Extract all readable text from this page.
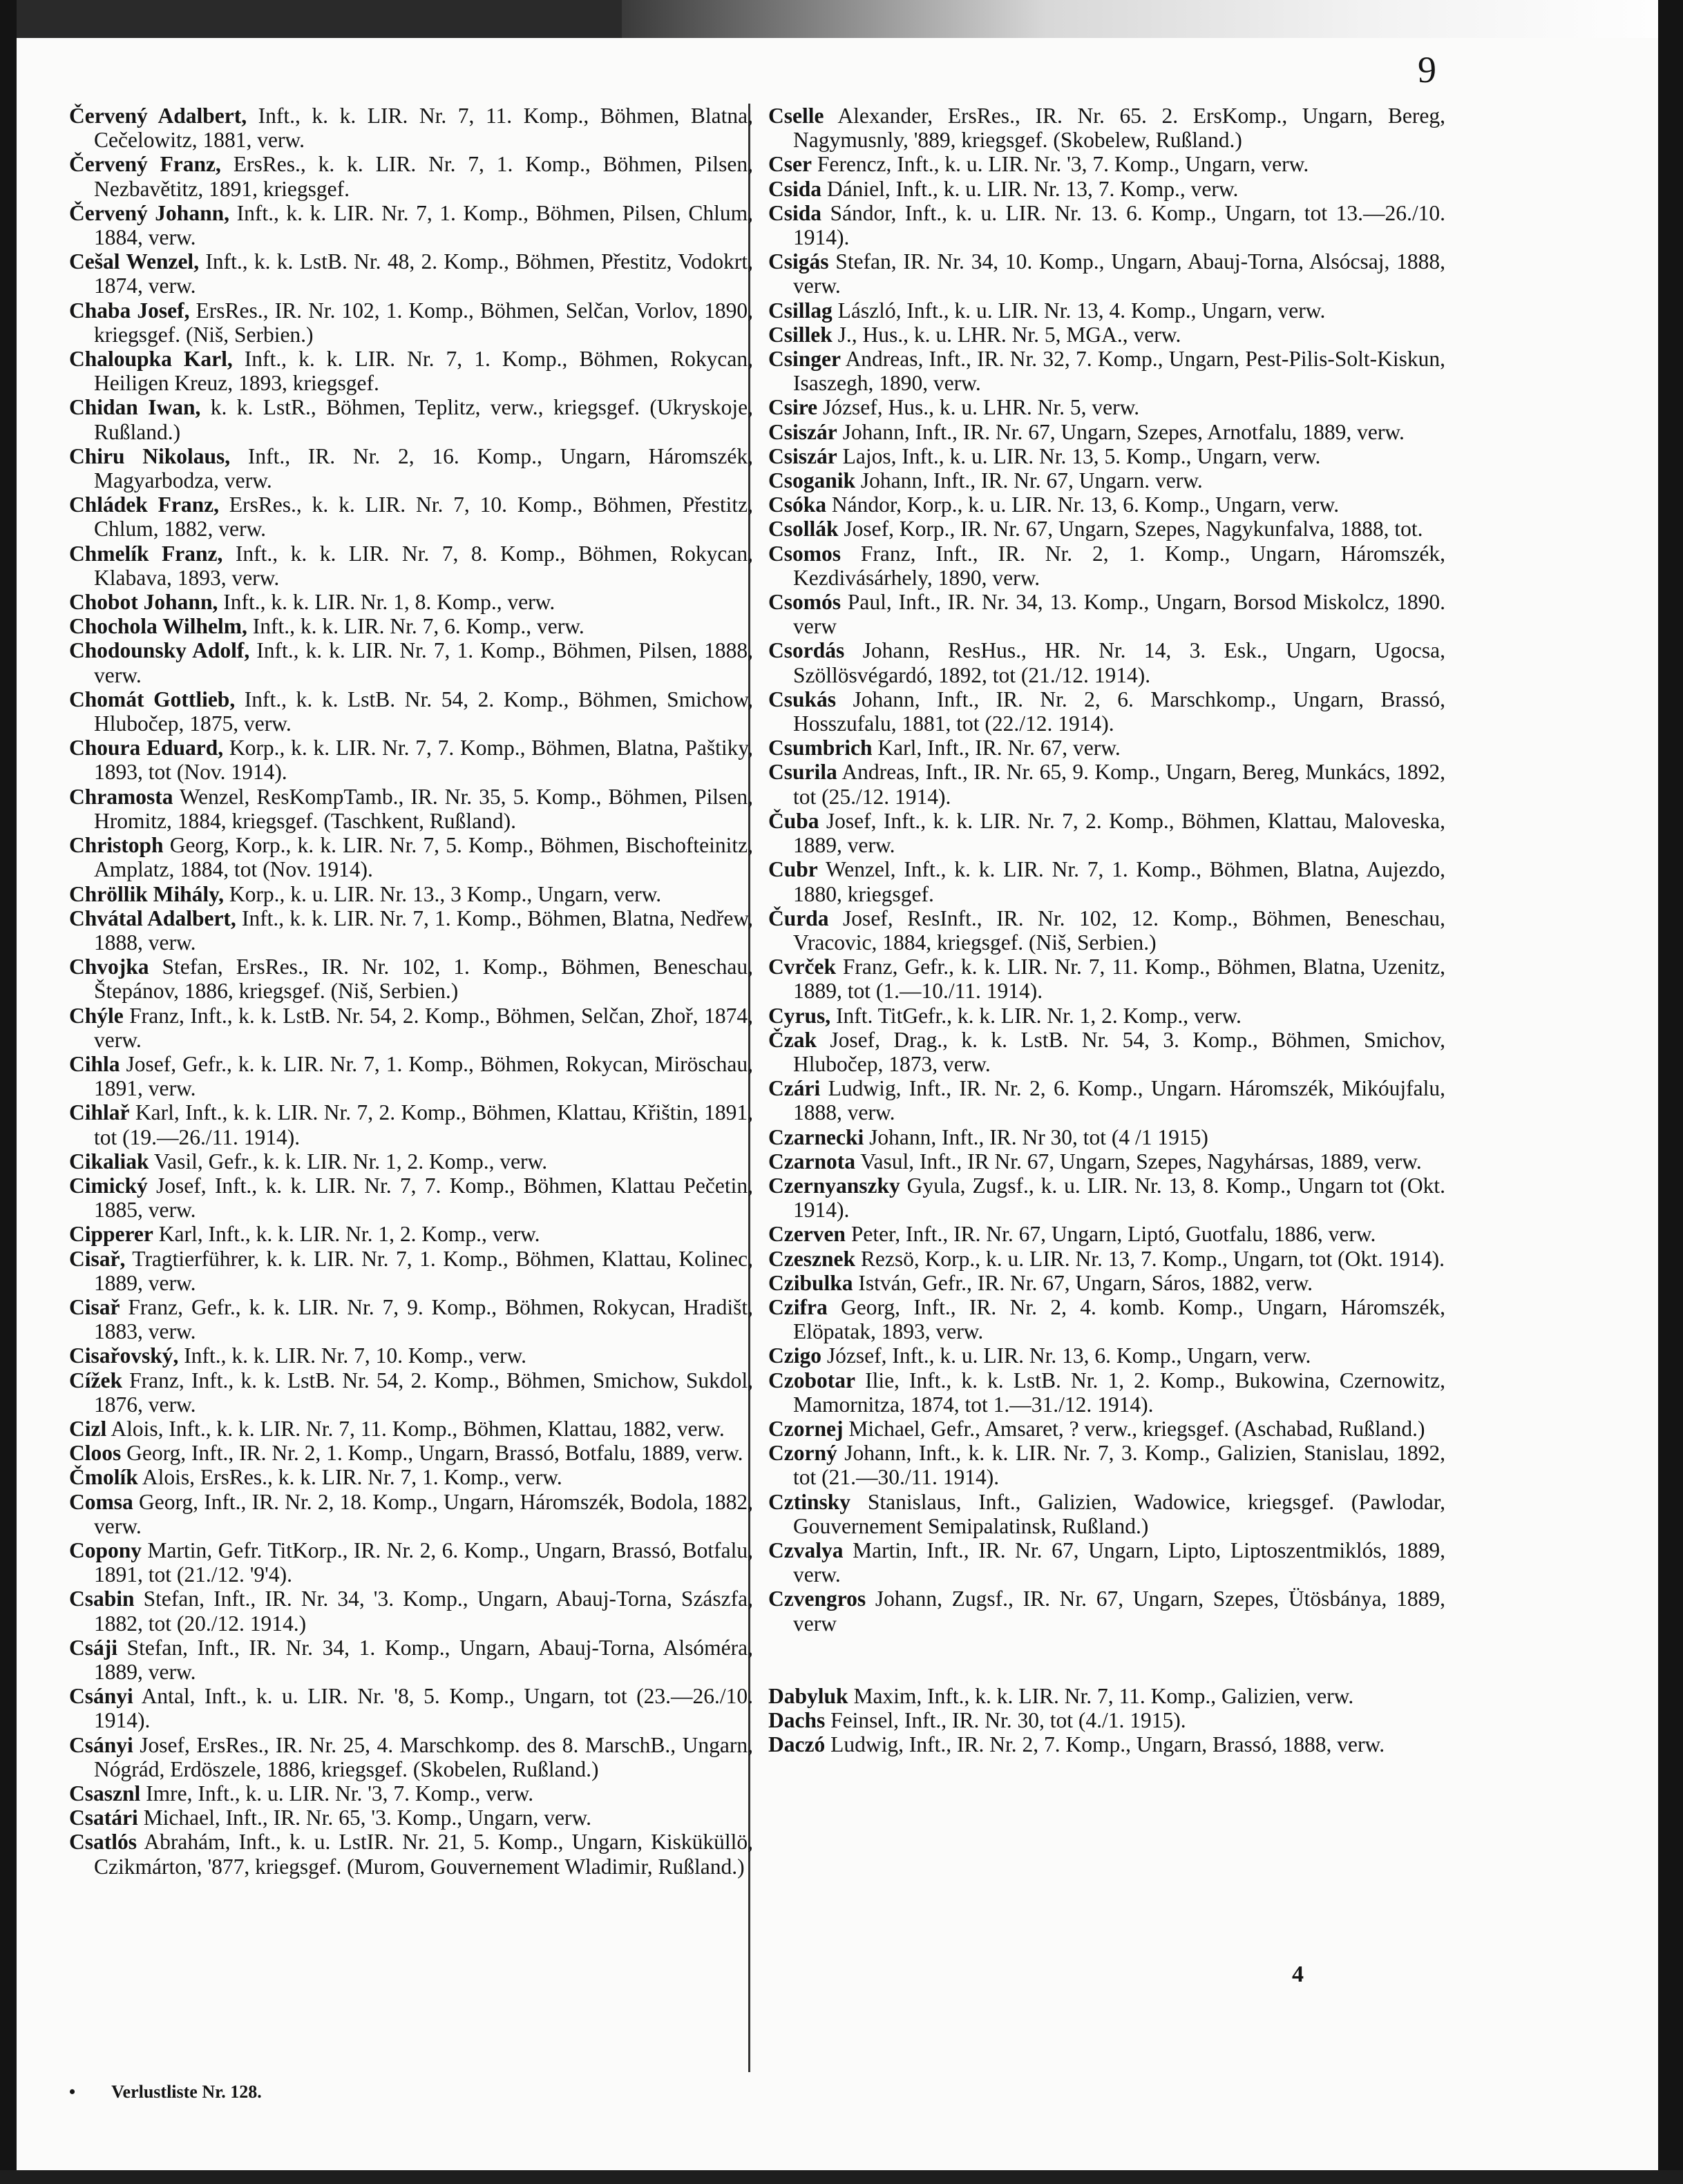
9

Červený Adalbert, Inft., k. k. LIR. Nr. 7, 11. Komp., Böhmen, Blatna, Cečelowitz, 1881, verw.

Červený Franz, ErsRes., k. k. LIR. Nr. 7, 1. Komp., Böhmen, Pilsen, Nezbavětitz, 1891, kriegsgef.

Červený Johann, Inft., k. k. LIR. Nr. 7, 1. Komp., Böhmen, Pilsen, Chlum, 1884, verw.

Cešal Wenzel, Inft., k. k. LstB. Nr. 48, 2. Komp., Böhmen, Přestitz, Vodokrt, 1874, verw.

Chaba Josef, ErsRes., IR. Nr. 102, 1. Komp., Böhmen, Selčan, Vorlov, 1890, kriegsgef. (Niš, Serbien.)

Chaloupka Karl, Inft., k. k. LIR. Nr. 7, 1. Komp., Böhmen, Rokycan, Heiligen Kreuz, 1893, kriegsgef.

Chidan Iwan, k. k. LstR., Böhmen, Teplitz, verw., kriegsgef. (Ukryskoje, Rußland.)

Chiru Nikolaus, Inft., IR. Nr. 2, 16. Komp., Ungarn, Háromszék, Magyarbodza, verw.

Chládek Franz, ErsRes., k. k. LIR. Nr. 7, 10. Komp., Böhmen, Přestitz, Chlum, 1882, verw.

Chmelík Franz, Inft., k. k. LIR. Nr. 7, 8. Komp., Böhmen, Rokycan, Klabava, 1893, verw.

Chobot Johann, Inft., k. k. LIR. Nr. 1, 8. Komp., verw.

Chochola Wilhelm, Inft., k. k. LIR. Nr. 7, 6. Komp., verw.

Chodounsky Adolf, Inft., k. k. LIR. Nr. 7, 1. Komp., Böhmen, Pilsen, 1888, verw.

Chomát Gottlieb, Inft., k. k. LstB. Nr. 54, 2. Komp., Böhmen, Smichow, Hlubočep, 1875, verw.

Choura Eduard, Korp., k. k. LIR. Nr. 7, 7. Komp., Böhmen, Blatna, Paštiky, 1893, tot (Nov. 1914).

Chramosta Wenzel, ResKompTamb., IR. Nr. 35, 5. Komp., Böhmen, Pilsen, Hromitz, 1884, kriegsgef. (Taschkent, Rußland).

Christoph Georg, Korp., k. k. LIR. Nr. 7, 5. Komp., Böhmen, Bischofteinitz, Amplatz, 1884, tot (Nov. 1914).

Chröllik Mihály, Korp., k. u. LIR. Nr. 13., 3 Komp., Ungarn, verw.

Chvátal Adalbert, Inft., k. k. LIR. Nr. 7, 1. Komp., Böhmen, Blatna, Nedřew, 1888, verw.

Chvojka Stefan, ErsRes., IR. Nr. 102, 1. Komp., Böhmen, Beneschau, Štepánov, 1886, kriegsgef. (Niš, Serbien.)

Chýle Franz, Inft., k. k. LstB. Nr. 54, 2. Komp., Böhmen, Selčan, Zhoř, 1874, verw.

Cihla Josef, Gefr., k. k. LIR. Nr. 7, 1. Komp., Böhmen, Rokycan, Miröschau, 1891, verw.

Cihlař Karl, Inft., k. k. LIR. Nr. 7, 2. Komp., Böhmen, Klattau, Křištin, 1891, tot (19.—26./11. 1914).

Cikaliak Vasil, Gefr., k. k. LIR. Nr. 1, 2. Komp., verw.

Cimický Josef, Inft., k. k. LIR. Nr. 7, 7. Komp., Böhmen, Klattau Pečetin, 1885, verw.

Cipperer Karl, Inft., k. k. LIR. Nr. 1, 2. Komp., verw.

Cisař, Tragtierführer, k. k. LIR. Nr. 7, 1. Komp., Böhmen, Klattau, Kolinec, 1889, verw.

Cisař Franz, Gefr., k. k. LIR. Nr. 7, 9. Komp., Böhmen, Rokycan, Hradišt, 1883, verw.

Cisařovský, Inft., k. k. LIR. Nr. 7, 10. Komp., verw.

Cížek Franz, Inft., k. k. LstB. Nr. 54, 2. Komp., Böhmen, Smichow, Sukdol, 1876, verw.

Cizl Alois, Inft., k. k. LIR. Nr. 7, 11. Komp., Böhmen, Klattau, 1882, verw.

Cloos Georg, Inft., IR. Nr. 2, 1. Komp., Ungarn, Brassó, Botfalu, 1889, verw.

Čmolík Alois, ErsRes., k. k. LIR. Nr. 7, 1. Komp., verw.

Comsa Georg, Inft., IR. Nr. 2, 18. Komp., Ungarn, Háromszék, Bodola, 1882, verw.

Copony Martin, Gefr. TitKorp., IR. Nr. 2, 6. Komp., Ungarn, Brassó, Botfalu, 1891, tot (21./12. '9'4).

Csabin Stefan, Inft., IR. Nr. 34, '3. Komp., Ungarn, Abauj-Torna, Szászfa, 1882, tot (20./12. 1914.)

Csáji Stefan, Inft., IR. Nr. 34, 1. Komp., Ungarn, Abauj-Torna, Alsóméra, 1889, verw.

Csányi Antal, Inft., k. u. LIR. Nr. '8, 5. Komp., Ungarn, tot (23.—26./10. 1914).

Csányi Josef, ErsRes., IR. Nr. 25, 4. Marschkomp. des 8. MarschB., Ungarn, Nógrád, Erdöszele, 1886, kriegsgef. (Skobelen, Rußland.)

Csasznl Imre, Inft., k. u. LIR. Nr. '3, 7. Komp., verw.

Csatári Michael, Inft., IR. Nr. 65, '3. Komp., Ungarn, verw.

Csatlós Abrahám, Inft., k. u. LstIR. Nr. 21, 5. Komp., Ungarn, Kisküküllö, Czikmárton, '877, kriegsgef. (Murom, Gouvernement Wladimir, Rußland.)

Cselle Alexander, ErsRes., IR. Nr. 65. 2. ErsKomp., Ungarn, Bereg, Nagymusnly, '889, kriegsgef. (Skobelew, Rußland.)

Cser Ferencz, Inft., k. u. LIR. Nr. '3, 7. Komp., Ungarn, verw.

Csida Dániel, Inft., k. u. LIR. Nr. 13, 7. Komp., verw.

Csida Sándor, Inft., k. u. LIR. Nr. 13. 6. Komp., Ungarn, tot 13.—26./10. 1914).

Csigás Stefan, IR. Nr. 34, 10. Komp., Ungarn, Abauj-Torna, Alsócsaj, 1888, verw.

Csillag László, Inft., k. u. LIR. Nr. 13, 4. Komp., Ungarn, verw.

Csillek J., Hus., k. u. LHR. Nr. 5, MGA., verw.

Csinger Andreas, Inft., IR. Nr. 32, 7. Komp., Ungarn, Pest-Pilis-Solt-Kiskun, Isaszegh, 1890, verw.

Csire József, Hus., k. u. LHR. Nr. 5, verw.

Csiszár Johann, Inft., IR. Nr. 67, Ungarn, Szepes, Arnotfalu, 1889, verw.

Csiszár Lajos, Inft., k. u. LIR. Nr. 13, 5. Komp., Ungarn, verw.

Csoganik Johann, Inft., IR. Nr. 67, Ungarn. verw.

Csóka Nándor, Korp., k. u. LIR. Nr. 13, 6. Komp., Ungarn, verw.

Csollák Josef, Korp., IR. Nr. 67, Ungarn, Szepes, Nagykunfalva, 1888, tot.

Csomos Franz, Inft., IR. Nr. 2, 1. Komp., Ungarn, Háromszék, Kezdivásárhely, 1890, verw.

Csomós Paul, Inft., IR. Nr. 34, 13. Komp., Ungarn, Borsod Miskolcz, 1890. verw

Csordás Johann, ResHus., HR. Nr. 14, 3. Esk., Ungarn, Ugocsa, Szöllösvégardó, 1892, tot (21./12. 1914).

Csukás Johann, Inft., IR. Nr. 2, 6. Marschkomp., Ungarn, Brassó, Hosszufalu, 1881, tot (22./12. 1914).

Csumbrich Karl, Inft., IR. Nr. 67, verw.

Csurila Andreas, Inft., IR. Nr. 65, 9. Komp., Ungarn, Bereg, Munkács, 1892, tot (25./12. 1914).

Čuba Josef, Inft., k. k. LIR. Nr. 7, 2. Komp., Böhmen, Klattau, Maloveska, 1889, verw.

Cubr Wenzel, Inft., k. k. LIR. Nr. 7, 1. Komp., Böhmen, Blatna, Aujezdo, 1880, kriegsgef.

Čurda Josef, ResInft., IR. Nr. 102, 12. Komp., Böhmen, Beneschau, Vracovic, 1884, kriegsgef. (Niš, Serbien.)

Cvrček Franz, Gefr., k. k. LIR. Nr. 7, 11. Komp., Böhmen, Blatna, Uzenitz, 1889, tot (1.—10./11. 1914).

Cyrus, Inft. TitGefr., k. k. LIR. Nr. 1, 2. Komp., verw.

Čzak Josef, Drag., k. k. LstB. Nr. 54, 3. Komp., Böhmen, Smichov, Hlubočep, 1873, verw.

Czári Ludwig, Inft., IR. Nr. 2, 6. Komp., Ungarn. Háromszék, Mikóujfalu, 1888, verw.

Czarnecki Johann, Inft., IR. Nr 30, tot (4 /1 1915)

Czarnota Vasul, Inft., IR Nr. 67, Ungarn, Szepes, Nagyhársas, 1889, verw.

Czernyanszky Gyula, Zugsf., k. u. LIR. Nr. 13, 8. Komp., Ungarn tot (Okt. 1914).

Czerven Peter, Inft., IR. Nr. 67, Ungarn, Liptó, Guotfalu, 1886, verw.

Czesznek Rezsö, Korp., k. u. LIR. Nr. 13, 7. Komp., Ungarn, tot (Okt. 1914).

Czibulka István, Gefr., IR. Nr. 67, Ungarn, Sáros, 1882, verw.

Czifra Georg, Inft., IR. Nr. 2, 4. komb. Komp., Ungarn, Háromszék, Elöpatak, 1893, verw.

Czigo József, Inft., k. u. LIR. Nr. 13, 6. Komp., Ungarn, verw.

Czobotar Ilie, Inft., k. k. LstB. Nr. 1, 2. Komp., Bukowina, Czernowitz, Mamornitza, 1874, tot 1.—31./12. 1914).

Czornej Michael, Gefr., Amsaret, ? verw., kriegsgef. (Aschabad, Rußland.)

Czorný Johann, Inft., k. k. LIR. Nr. 7, 3. Komp., Galizien, Stanislau, 1892, tot (21.—30./11. 1914).

Cztinsky Stanislaus, Inft., Galizien, Wadowice, kriegsgef. (Pawlodar, Gouvernement Semipalatinsk, Rußland.)

Czvalya Martin, Inft., IR. Nr. 67, Ungarn, Lipto, Liptoszentmiklós, 1889, verw.

Czvengros Johann, Zugsf., IR. Nr. 67, Ungarn, Szepes, Ütösbánya, 1889, verw

Dabyluk Maxim, Inft., k. k. LIR. Nr. 7, 11. Komp., Galizien, verw.

Dachs Feinsel, Inft., IR. Nr. 30, tot (4./1. 1915).

Daczó Ludwig, Inft., IR. Nr. 2, 7. Komp., Ungarn, Brassó, 1888, verw.

4
• Verlustliste Nr. 128.
